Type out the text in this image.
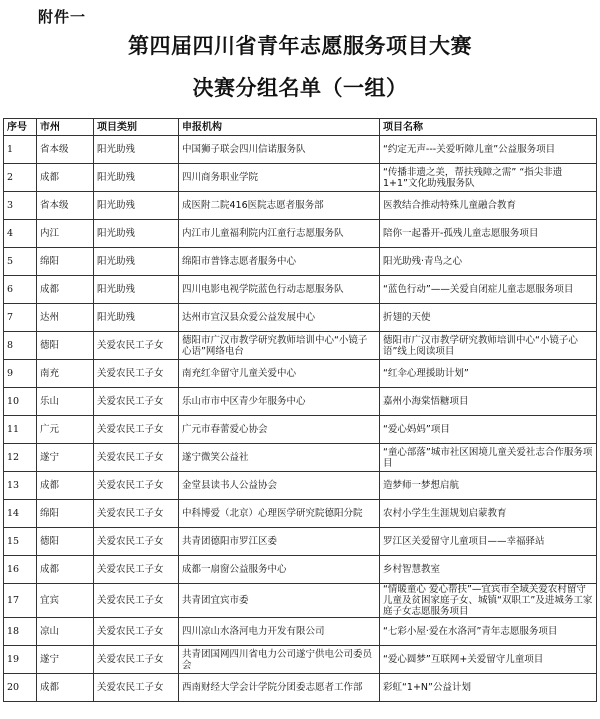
附件一
第四届四川省青年志愿服务项目大赛
决赛分组名单（一组）
序号	市州	项目类别	申报机构	项目名称
1	省本级	阳光助残	中国狮子联会四川信诺服务队	“约定无声---关爱听障儿童”公益服务项目
2	成都	阳光助残	四川商务职业学院	“传播非遗之美，帮扶残障之需” “指尖非遗1+1”文化助残服务队
3	省本级	阳光助残	成医附二院416医院志愿者服务部	医教结合推动特殊儿童融合教育
4	内江	阳光助残	内江市儿童福利院内江童行志愿服务队	陪你一起番开-孤残儿童志愿服务项目
5	绵阳	阳光助残	绵阳市普锋志愿者服务中心	阳光助残·青鸟之心
6	成都	阳光助残	四川电影电视学院蓝色行动志愿服务队	“蓝色行动”——关爱自闭症儿童志愿服务项目
7	达州	阳光助残	达州市宣汉县众爱公益发展中心	折翅的天使
8	德阳	关爱农民工子女	德阳市广汉市教学研究教师培训中心“小镜子心语”网络电台	德阳市广汉市教学研究教师培训中心“小镜子心语”线上阅读项目
9	南充	关爱农民工子女	南充红伞留守儿童关爱中心	“红伞心理援助计划”
10	乐山	关爱农民工子女	乐山市市中区青少年服务中心	嘉州小海棠悟糖项目
11	广元	关爱农民工子女	广元市春蕾爱心协会	“爱心妈妈”项目
12	遂宁	关爱农民工子女	遂宁微笑公益社	“童心部落”城市社区困境儿童关爱社志合作服务项目
13	成都	关爱农民工子女	金堂县读书人公益协会	造梦师一梦想启航
14	绵阳	关爱农民工子女	中科博爱（北京）心理医学研究院德阳分院	农村小学生生涯规划启蒙教育
15	德阳	关爱农民工子女	共青团德阳市罗江区委	罗江区关爱留守儿童项目——幸福驿站
16	成都	关爱农民工子女	成都一扇窗公益服务中心	乡村智慧教室
17	宜宾	关爱农民工子女	共青团宜宾市委	“情暖童心 爱心帮扶”—宜宾市全域关爱农村留守儿童及贫困家庭子女、城镇“双职工”及进城务工家庭子女志愿服务项目
18	凉山	关爱农民工子女	四川凉山水洛河电力开发有限公司	“七彩小屋·爱在水洛河”青年志愿服务项目
19	遂宁	关爱农民工子女	共青团国网四川省电力公司遂宁供电公司委员会	“爱心圆梦”互联网+关爱留守儿童项目
20	成都	关爱农民工子女	西南财经大学会计学院分团委志愿者工作部	彩虹“1+N”公益计划
